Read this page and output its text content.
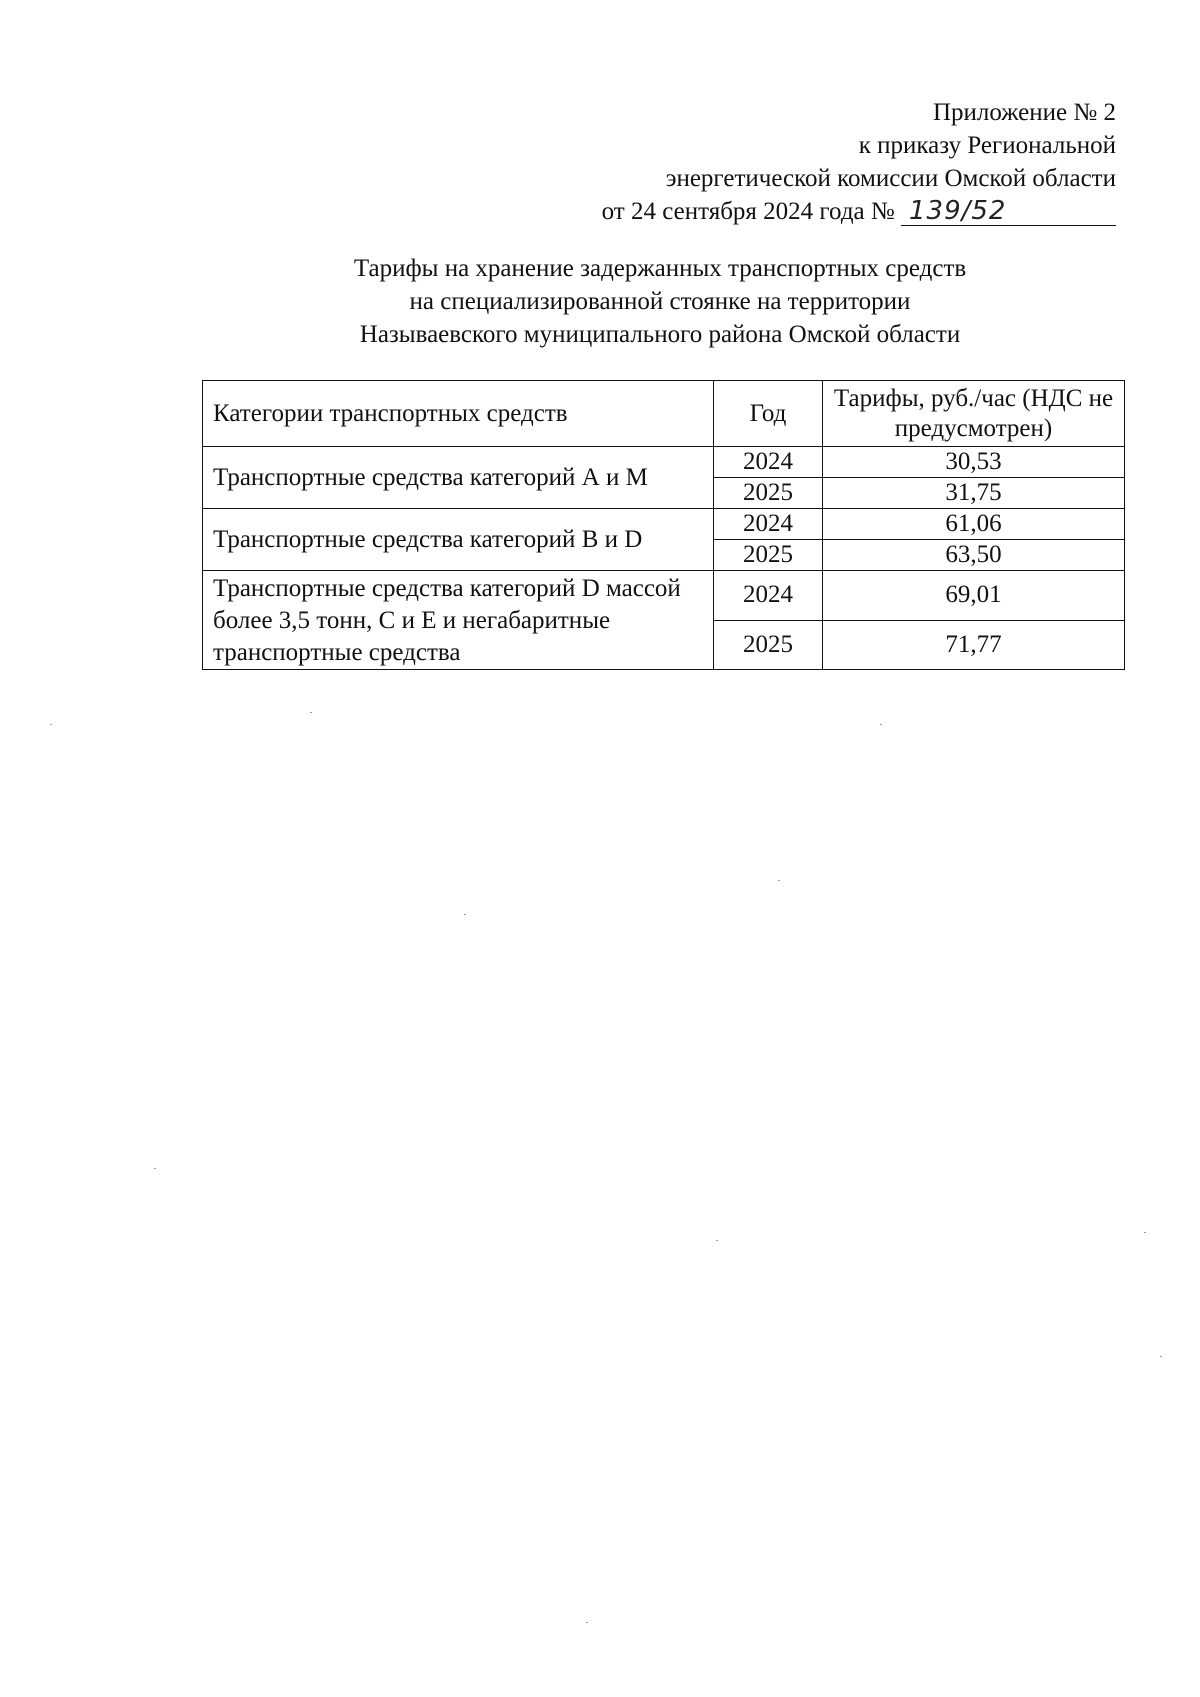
Приложение № 2
к приказу Региональной
энергетической комиссии Омской области
от 24 сентября 2024 года № 139/52
Тарифы на хранение задержанных транспортных средств
на специализированной стоянке на территории
Называевского муниципального района Омской области
Категории транспортных средств	Год	Тарифы, руб./час (НДС не предусмотрен)
Транспортные средства категорий А и М	2024	30,53
	2025	31,75
Транспортные средства категорий В и D	2024	61,06
	2025	63,50
Транспортные средства категорий D массой более 3,5 тонн, С и Е и негабаритные транспортные средства	2024	69,01
	2025	71,77
